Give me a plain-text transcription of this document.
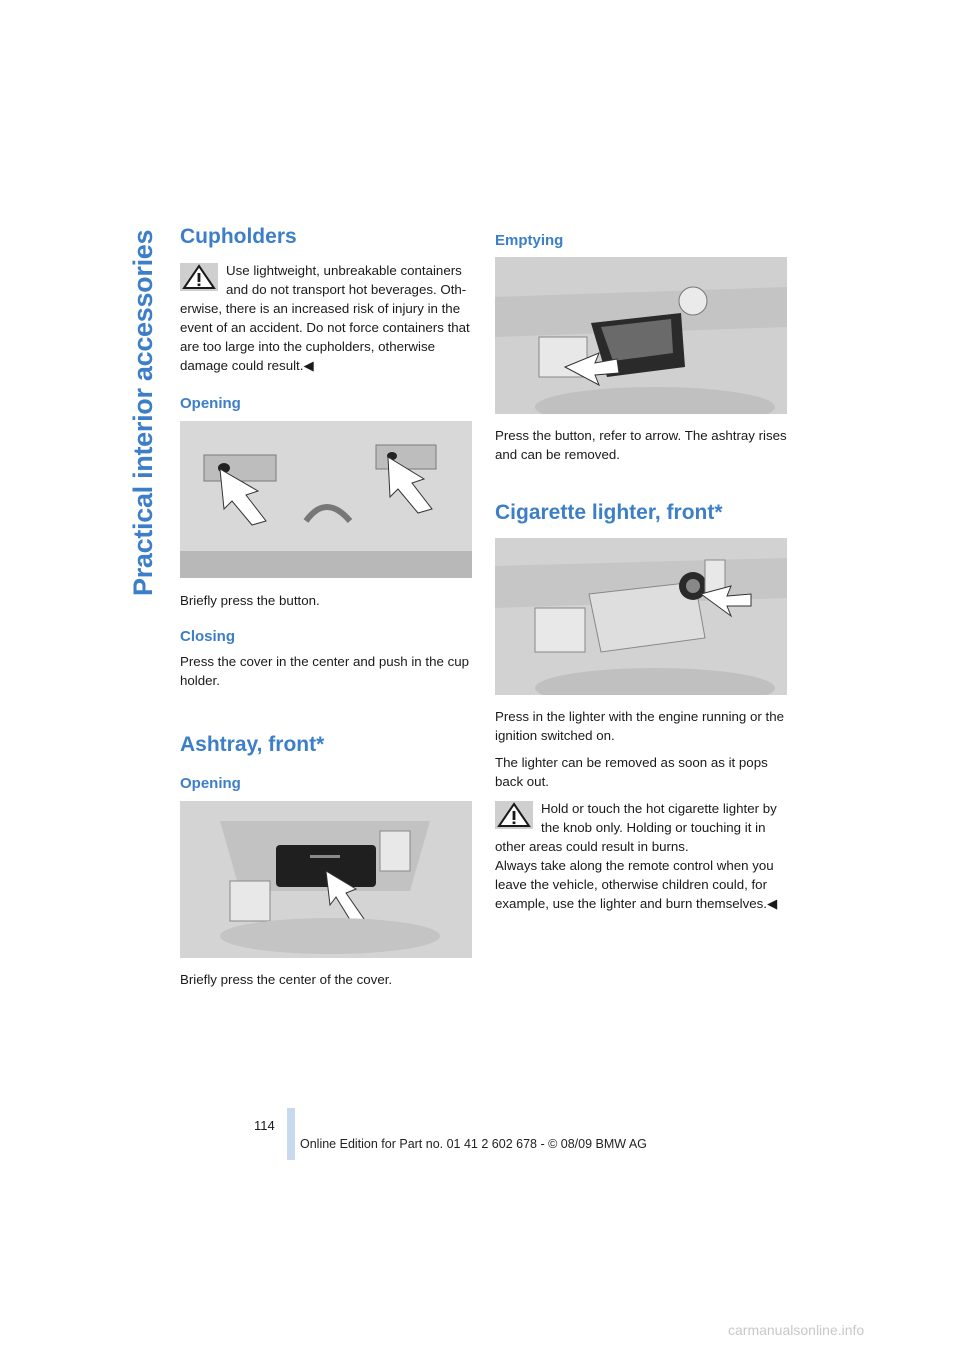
Practical interior accessories Cupholders
Use lightweight, unbreakable containers and do not transport hot beverages. Oth-erwise, there is an increased risk of injury in the event of an accident. Do not force containers that are too large into the cupholders, otherwise damage could result.◀
Opening

Briefly press the button.

Closing

Press the cover in the center and push in the cup holder.

Ashtray, front*
Opening

Briefly press the center of the cover.

Emptying

Press the button, refer to arrow. The ashtray rises and can be removed.

Cigarette lighter, front*

Press in the lighter with the engine running or the ignition switched on.

The lighter can be removed as soon as it pops back out.

Hold or touch the hot cigarette lighter by the knob only. Holding or touching it in other areas could result in burns.
Always take along the remote control when you leave the vehicle, otherwise children could, for example, use the lighter and burn themselves.◀
114
Online Edition for Part no. 01 41 2 602 678 - © 08/09 BMW AG
carmanualsonline.info
